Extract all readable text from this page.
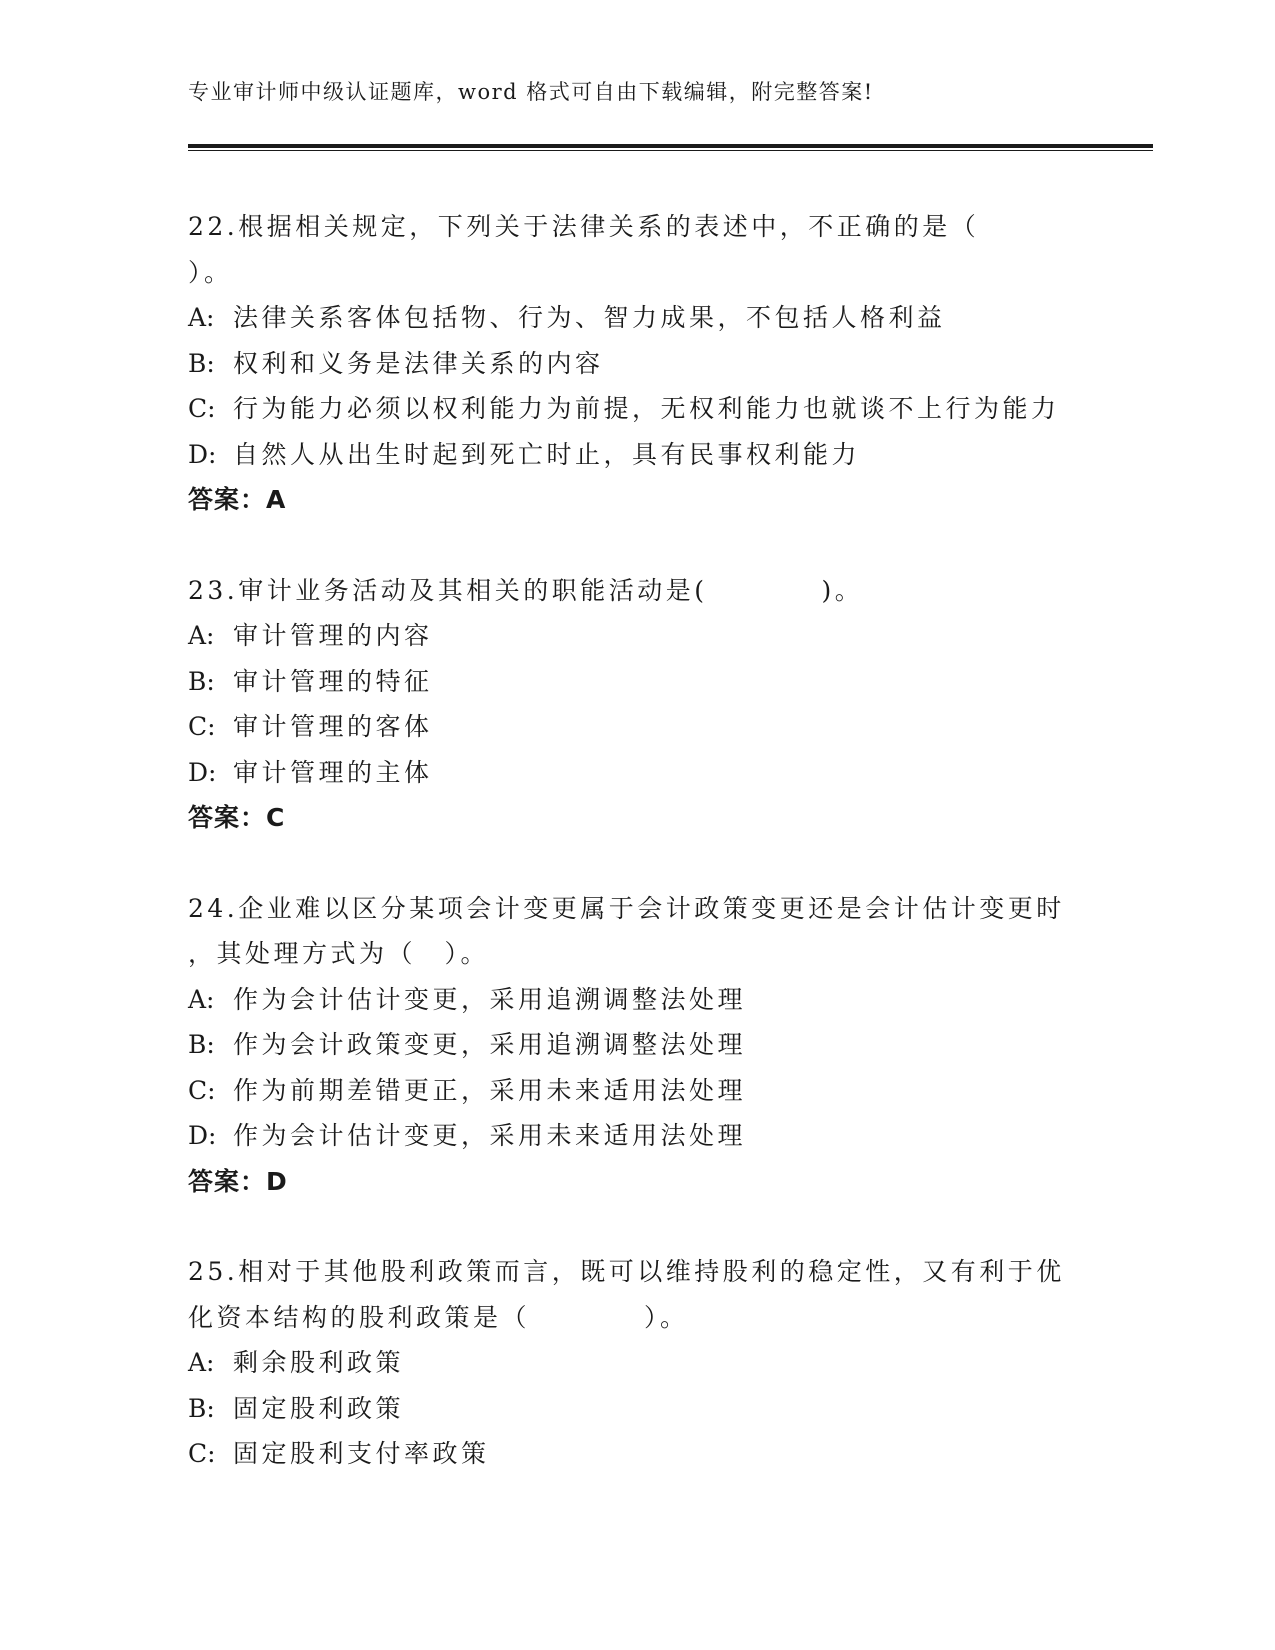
专业审计师中级认证题库，word 格式可自由下载编辑，附完整答案!
22.根据相关规定，下列关于法律关系的表述中，不正确的是（
）。
A: 法律关系客体包括物、行为、智力成果，不包括人格利益
B: 权利和义务是法律关系的内容
C: 行为能力必须以权利能力为前提，无权利能力也就谈不上行为能力
D: 自然人从出生时起到死亡时止，具有民事权利能力
答案：A
23.审计业务活动及其相关的职能活动是(　　　　)。
A: 审计管理的内容
B: 审计管理的特征
C: 审计管理的客体
D: 审计管理的主体
答案：C
24.企业难以区分某项会计变更属于会计政策变更还是会计估计变更时
，其处理方式为（　）。
A: 作为会计估计变更，采用追溯调整法处理
B: 作为会计政策变更，采用追溯调整法处理
C: 作为前期差错更正，采用未来适用法处理
D: 作为会计估计变更，采用未来适用法处理
答案：D
25.相对于其他股利政策而言，既可以维持股利的稳定性，又有利于优
化资本结构的股利政策是（　　　　）。
A: 剩余股利政策
B: 固定股利政策
C: 固定股利支付率政策
